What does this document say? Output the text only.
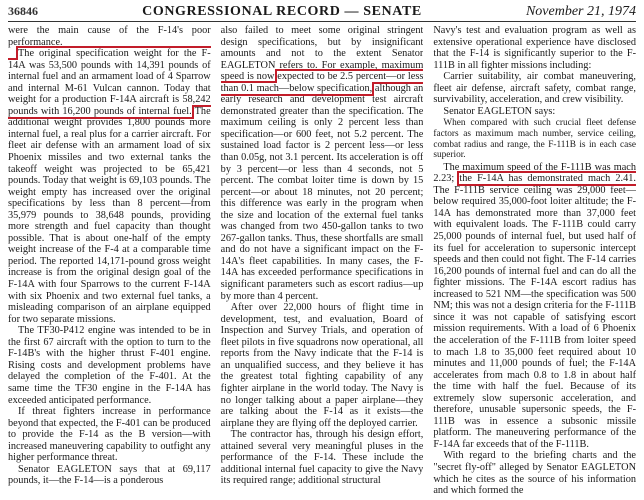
36846	CONGRESSIONAL RECORD — SENATE	November 21, 1974

were the main cause of the F-14's poor performance.

The original specification weight for the F-14A was 53,500 pounds with 14,391 pounds of internal fuel and an armament load of 4 Sparrow and internal M-61 Vulcan cannon. Today that weight for a production F-14A aircraft is 58,242 pounds with 16,200 pounds of internal fuel. The additional weight provides 1,800 pounds more internal fuel, a real plus for a carrier aircraft. For fleet air defense with an armament load of six Phoenix missiles and two external tanks the takeoff weight was projected to be 65,421 pounds. Today that weight is 69,103 pounds. The weight empty has increased over the original specifications by less than 8 percent—from 35,979 pounds to 38,648 pounds, providing more strength and fuel capacity than thought possible. That is about one-half of the empty weight increase of the F-4 at a comparable time period. The reported 14,171-pound gross weight increase is from the original design goal of the F-14A with four Sparrows to the current F-14A with six Phoenix and two external fuel tanks, a misleading comparison of an airplane equipped for two separate missions.

The TF30-P412 engine was intended to be in the first 67 aircraft with the option to turn to the F-14B's with the higher thrust F-401 engine. Rising costs and development problems have delayed the completion of the F-401. At the same time the TF30 engine in the F-14A has exceeded anticipated performance.

If threat fighters increase in performance beyond that expected, the F-401 can be produced to provide the F-14 as the B version—with increased maneuvering capability to outfight any higher performance threat.

Senator EAGLETON says that at 69,117 pounds, it—the F-14—is a ponderous

also failed to meet some original stringent design specifications, but by insignificant amounts and not to the extent Senator EAGLETON refers to. For example, maximum speed is now expected to be 2.5 percent—or less than 0.1 mach—below specification, although an early research and development test aircraft demonstrated greater than the specification. The maximum ceiling is only 2 percent less than specification—or 600 feet, not 5.2 percent. The sustained load factor is 2 percent less—or less than 0.05g, not 3.1 percent. Its acceleration is off by 3 percent—or less than 4 seconds, not 5 percent. The combat loiter time is down by 15 percent—or about 18 minutes, not 20 percent; this difference was early in the program when the size and location of the external fuel tanks was changed from two 450-gallon tanks to two 267-gallon tanks. Thus, these shortfalls are small and do not have a significant impact on the F-14A's fleet capabilities. In many cases, the F-14A has exceeded performance specifications in significant parameters such as escort radius—up by more than 4 percent.

After over 22,000 hours of flight time in development, test, and evaluation, Board of Inspection and Survey Trials, and operation of fleet pilots in five squadrons now operational, all reports from the Navy indicate that the F-14 is an unqualified success, and they believe it has the greatest total fighting capability of any fighter airplane in the world today. The Navy is no longer talking about a paper airplane—they are talking about the F-14 as it exists—the airplane they are flying off the deployed carrier.

The contractor has, through his design effort, attained several very meaningful pluses in the performance of the F-14. These include the additional internal fuel capacity to give the Navy its required range; additional structural

Navy's test and evaluation program as well as extensive operational experience have disclosed that the F-14 is significantly superior to the F-111B in all fighter missions including:

Carrier suitability, air combat maneuvering, fleet air defense, aircraft safety, combat range, survivability, acceleration, and crew visibility.

Senator EAGLETON says:

When compared with such crucial fleet defense factors as maximum mach number, service ceiling, combat radius and range, the F-111B is in each case superior.

The maximum speed of the F-111B was mach 2.23; the F-14A has demonstrated mach 2.41. The F-111B service ceiling was 29,000 feet—below required 35,000-foot loiter altitude; the F-14A has demonstrated more than 37,000 feet with equivalent loads. The F-111B could carry 25,000 pounds of internal fuel, but used half of its fuel for acceleration to supersonic intercept speeds and then could not fight. The F-14 carries 16,200 pounds of internal fuel and can do all the fighter missions. The F-14A escort radius has increased to 521 NM—the specification was 500 NM; this was not a design criteria for the F-111B since it was not capable of satisfying escort mission requirements. With a load of 6 Phoenix the acceleration of the F-111B from loiter speed to mach 1.8 to 35,000 feet required about 10 minutes and 11,000 pounds of fuel; the F-14A accelerates from mach 0.8 to 1.8 in about half the time with half the fuel. Because of its extremely slow supersonic acceleration, and therefore, unusable supersonic speeds, the F-111B was in essence a subsonic missile platform. The maneuvering performance of the F-14A far exceeds that of the F-111B.

With regard to the briefing charts and the "secret fly-off" alleged by Senator EAGLETON which he cites as the source of his information and which formed the
